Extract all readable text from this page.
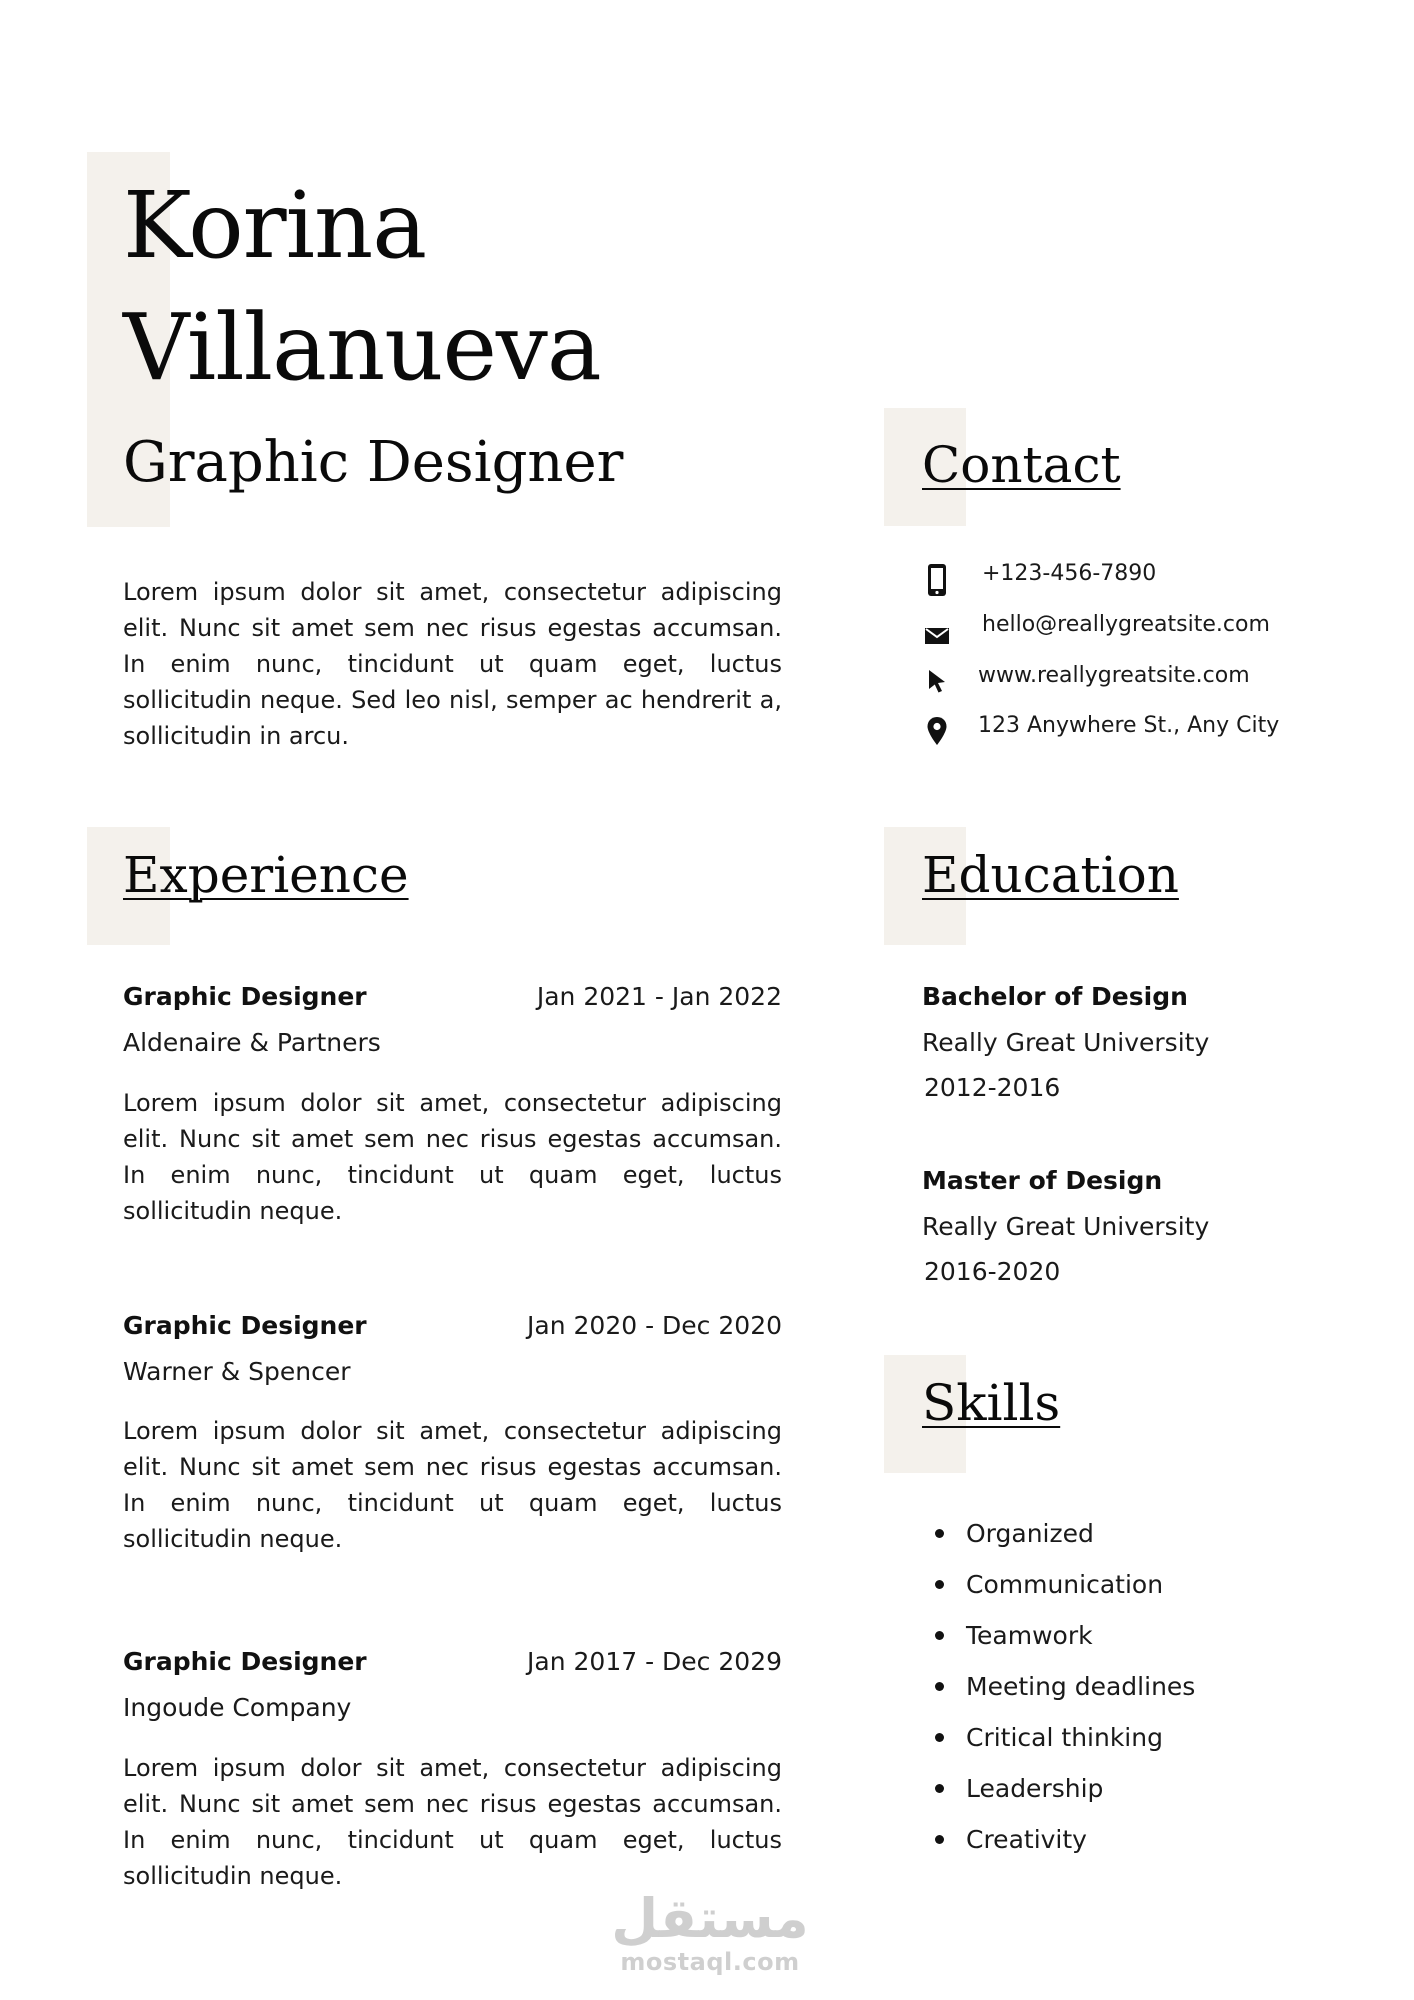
Korina
Villanueva
Graphic Designer
Lorem ipsum dolor sit amet, consectetur adipiscing elit. Nunc sit amet sem nec risus egestas accumsan. In enim nunc, tincidunt ut quam eget, luctus sollicitudin neque. Sed leo nisl, semper ac hendrerit a, sollicitudin in arcu.
Contact
+123-456-7890
hello@reallygreatsite.com
www.reallygreatsite.com
123 Anywhere St., Any City
Experience
Graphic Designer	Jan 2021 - Jan 2022
Aldenaire & Partners
Lorem ipsum dolor sit amet, consectetur adipiscing elit. Nunc sit amet sem nec risus egestas accumsan. In enim nunc, tincidunt ut quam eget, luctus sollicitudin neque.
Graphic Designer	Jan 2020 - Dec 2020
Warner & Spencer
Lorem ipsum dolor sit amet, consectetur adipiscing elit. Nunc sit amet sem nec risus egestas accumsan. In enim nunc, tincidunt ut quam eget, luctus sollicitudin neque.
Graphic Designer	Jan 2017 - Dec 2029
Ingoude Company
Lorem ipsum dolor sit amet, consectetur adipiscing elit. Nunc sit amet sem nec risus egestas accumsan. In enim nunc, tincidunt ut quam eget, luctus sollicitudin neque.
Education
Bachelor of Design
Really Great University
2012-2016
Master of Design
Really Great University
2016-2020
Skills
Organized
Communication
Teamwork
Meeting deadlines
Critical thinking
Leadership
Creativity
مستقل
mostaql.com
